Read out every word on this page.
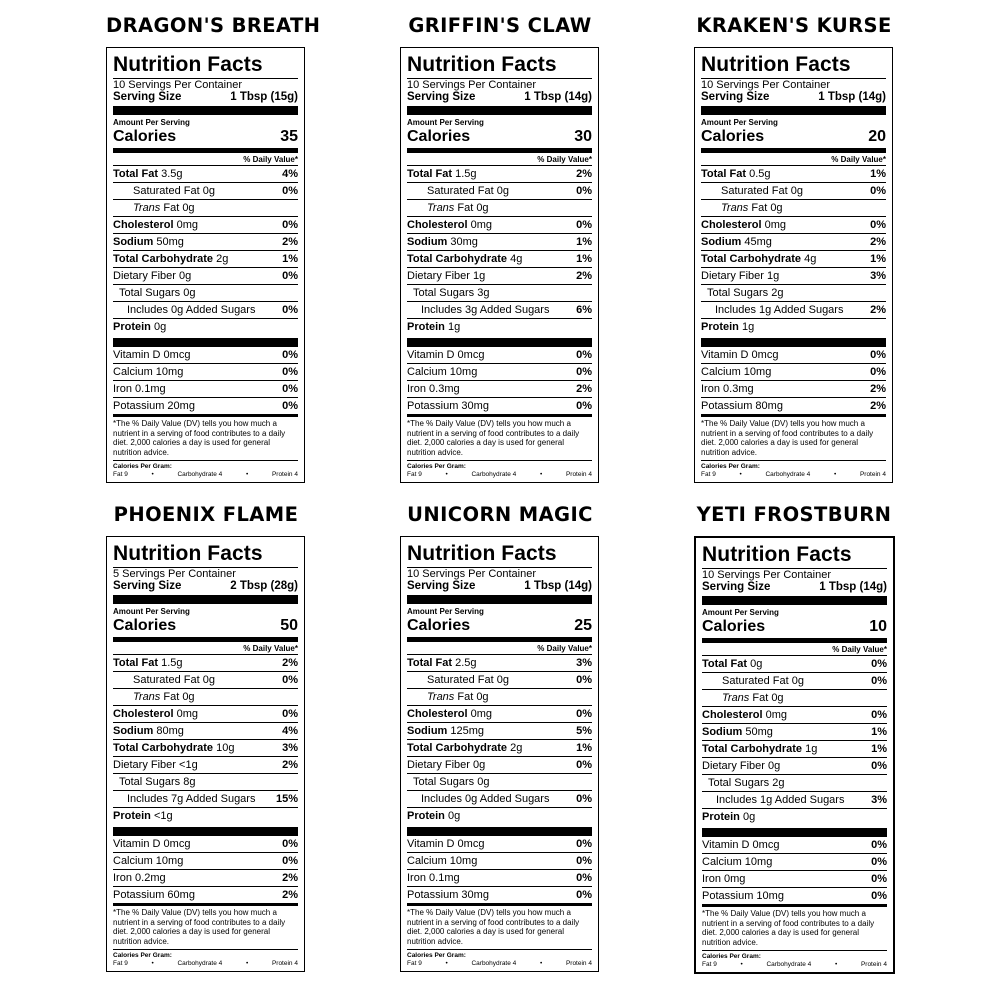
DRAGON'S BREATH
Nutrition Facts
10 Servings Per Container
Serving Size	1 Tbsp (15g)
Amount Per Serving
Calories	35
% Daily Value*
Total Fat 3.5g	4%
Saturated Fat 0g	0%
Trans Fat 0g
Cholesterol 0mg	0%
Sodium 50mg	2%
Total Carbohydrate 2g	1%
Dietary Fiber 0g	0%
Total Sugars 0g
Includes 0g Added Sugars 0%
Protein 0g
Vitamin D 0mcg	0%
Calcium 10mg	0%
Iron 0.1mg	0%
Potassium 20mg	0%
*The % Daily Value (DV) tells you how much a nutrient in a serving of food contributes to a daily diet. 2,000 calories a day is used for general nutrition advice.
Calories Per Gram:
Fat 9	•	Carbohydrate 4	•	Protein 4
GRIFFIN'S CLAW
Nutrition Facts
10 Servings Per Container
Serving Size	1 Tbsp (14g)
Amount Per Serving
Calories	30
% Daily Value*
Total Fat 1.5g	2%
Saturated Fat 0g	0%
Trans Fat 0g
Cholesterol 0mg	0%
Sodium 30mg	1%
Total Carbohydrate 4g	1%
Dietary Fiber 1g	2%
Total Sugars 3g
Includes 3g Added Sugars 6%
Protein 1g
Vitamin D 0mcg	0%
Calcium 10mg	0%
Iron 0.3mg	2%
Potassium 30mg	0%
*The % Daily Value (DV) tells you how much a nutrient in a serving of food contributes to a daily diet. 2,000 calories a day is used for general nutrition advice.
Calories Per Gram:
Fat 9	•	Carbohydrate 4	•	Protein 4
KRAKEN'S KURSE
Nutrition Facts
10 Servings Per Container
Serving Size	1 Tbsp (14g)
Amount Per Serving
Calories	20
% Daily Value*
Total Fat 0.5g	1%
Saturated Fat 0g	0%
Trans Fat 0g
Cholesterol 0mg	0%
Sodium 45mg	2%
Total Carbohydrate 4g	1%
Dietary Fiber 1g	3%
Total Sugars 2g
Includes 1g Added Sugars 2%
Protein 1g
Vitamin D 0mcg	0%
Calcium 10mg	0%
Iron 0.3mg	2%
Potassium 80mg	2%
*The % Daily Value (DV) tells you how much a nutrient in a serving of food contributes to a daily diet. 2,000 calories a day is used for general nutrition advice.
Calories Per Gram:
Fat 9	•	Carbohydrate 4	•	Protein 4
PHOENIX FLAME
Nutrition Facts
5 Servings Per Container
Serving Size	2 Tbsp (28g)
Amount Per Serving
Calories	50
% Daily Value*
Total Fat 1.5g	2%
Saturated Fat 0g	0%
Trans Fat 0g
Cholesterol 0mg	0%
Sodium 80mg	4%
Total Carbohydrate 10g	3%
Dietary Fiber <1g	2%
Total Sugars 8g
Includes 7g Added Sugars 15%
Protein <1g
Vitamin D 0mcg	0%
Calcium 10mg	0%
Iron 0.2mg	2%
Potassium 60mg	2%
*The % Daily Value (DV) tells you how much a nutrient in a serving of food contributes to a daily diet. 2,000 calories a day is used for general nutrition advice.
Calories Per Gram:
Fat 9	•	Carbohydrate 4	•	Protein 4
UNICORN MAGIC
Nutrition Facts
10 Servings Per Container
Serving Size	1 Tbsp (14g)
Amount Per Serving
Calories	25
% Daily Value*
Total Fat 2.5g	3%
Saturated Fat 0g	0%
Trans Fat 0g
Cholesterol 0mg	0%
Sodium 125mg	5%
Total Carbohydrate 2g	1%
Dietary Fiber 0g	0%
Total Sugars 0g
Includes 0g Added Sugars 0%
Protein 0g
Vitamin D 0mcg	0%
Calcium 10mg	0%
Iron 0.1mg	0%
Potassium 30mg	0%
*The % Daily Value (DV) tells you how much a nutrient in a serving of food contributes to a daily diet. 2,000 calories a day is used for general nutrition advice.
Calories Per Gram:
Fat 9	•	Carbohydrate 4	•	Protein 4
YETI FROSTBURN
Nutrition Facts
10 Servings Per Container
Serving Size	1 Tbsp (14g)
Amount Per Serving
Calories	10
% Daily Value*
Total Fat 0g	0%
Saturated Fat 0g	0%
Trans Fat 0g
Cholesterol 0mg	0%
Sodium 50mg	1%
Total Carbohydrate 1g	1%
Dietary Fiber 0g	0%
Total Sugars 2g
Includes 1g Added Sugars 3%
Protein 0g
Vitamin D 0mcg	0%
Calcium 10mg	0%
Iron 0mg	0%
Potassium 10mg	0%
*The % Daily Value (DV) tells you how much a nutrient in a serving of food contributes to a daily diet. 2,000 calories a day is used for general nutrition advice.
Calories Per Gram:
Fat 9	•	Carbohydrate 4	•	Protein 4
